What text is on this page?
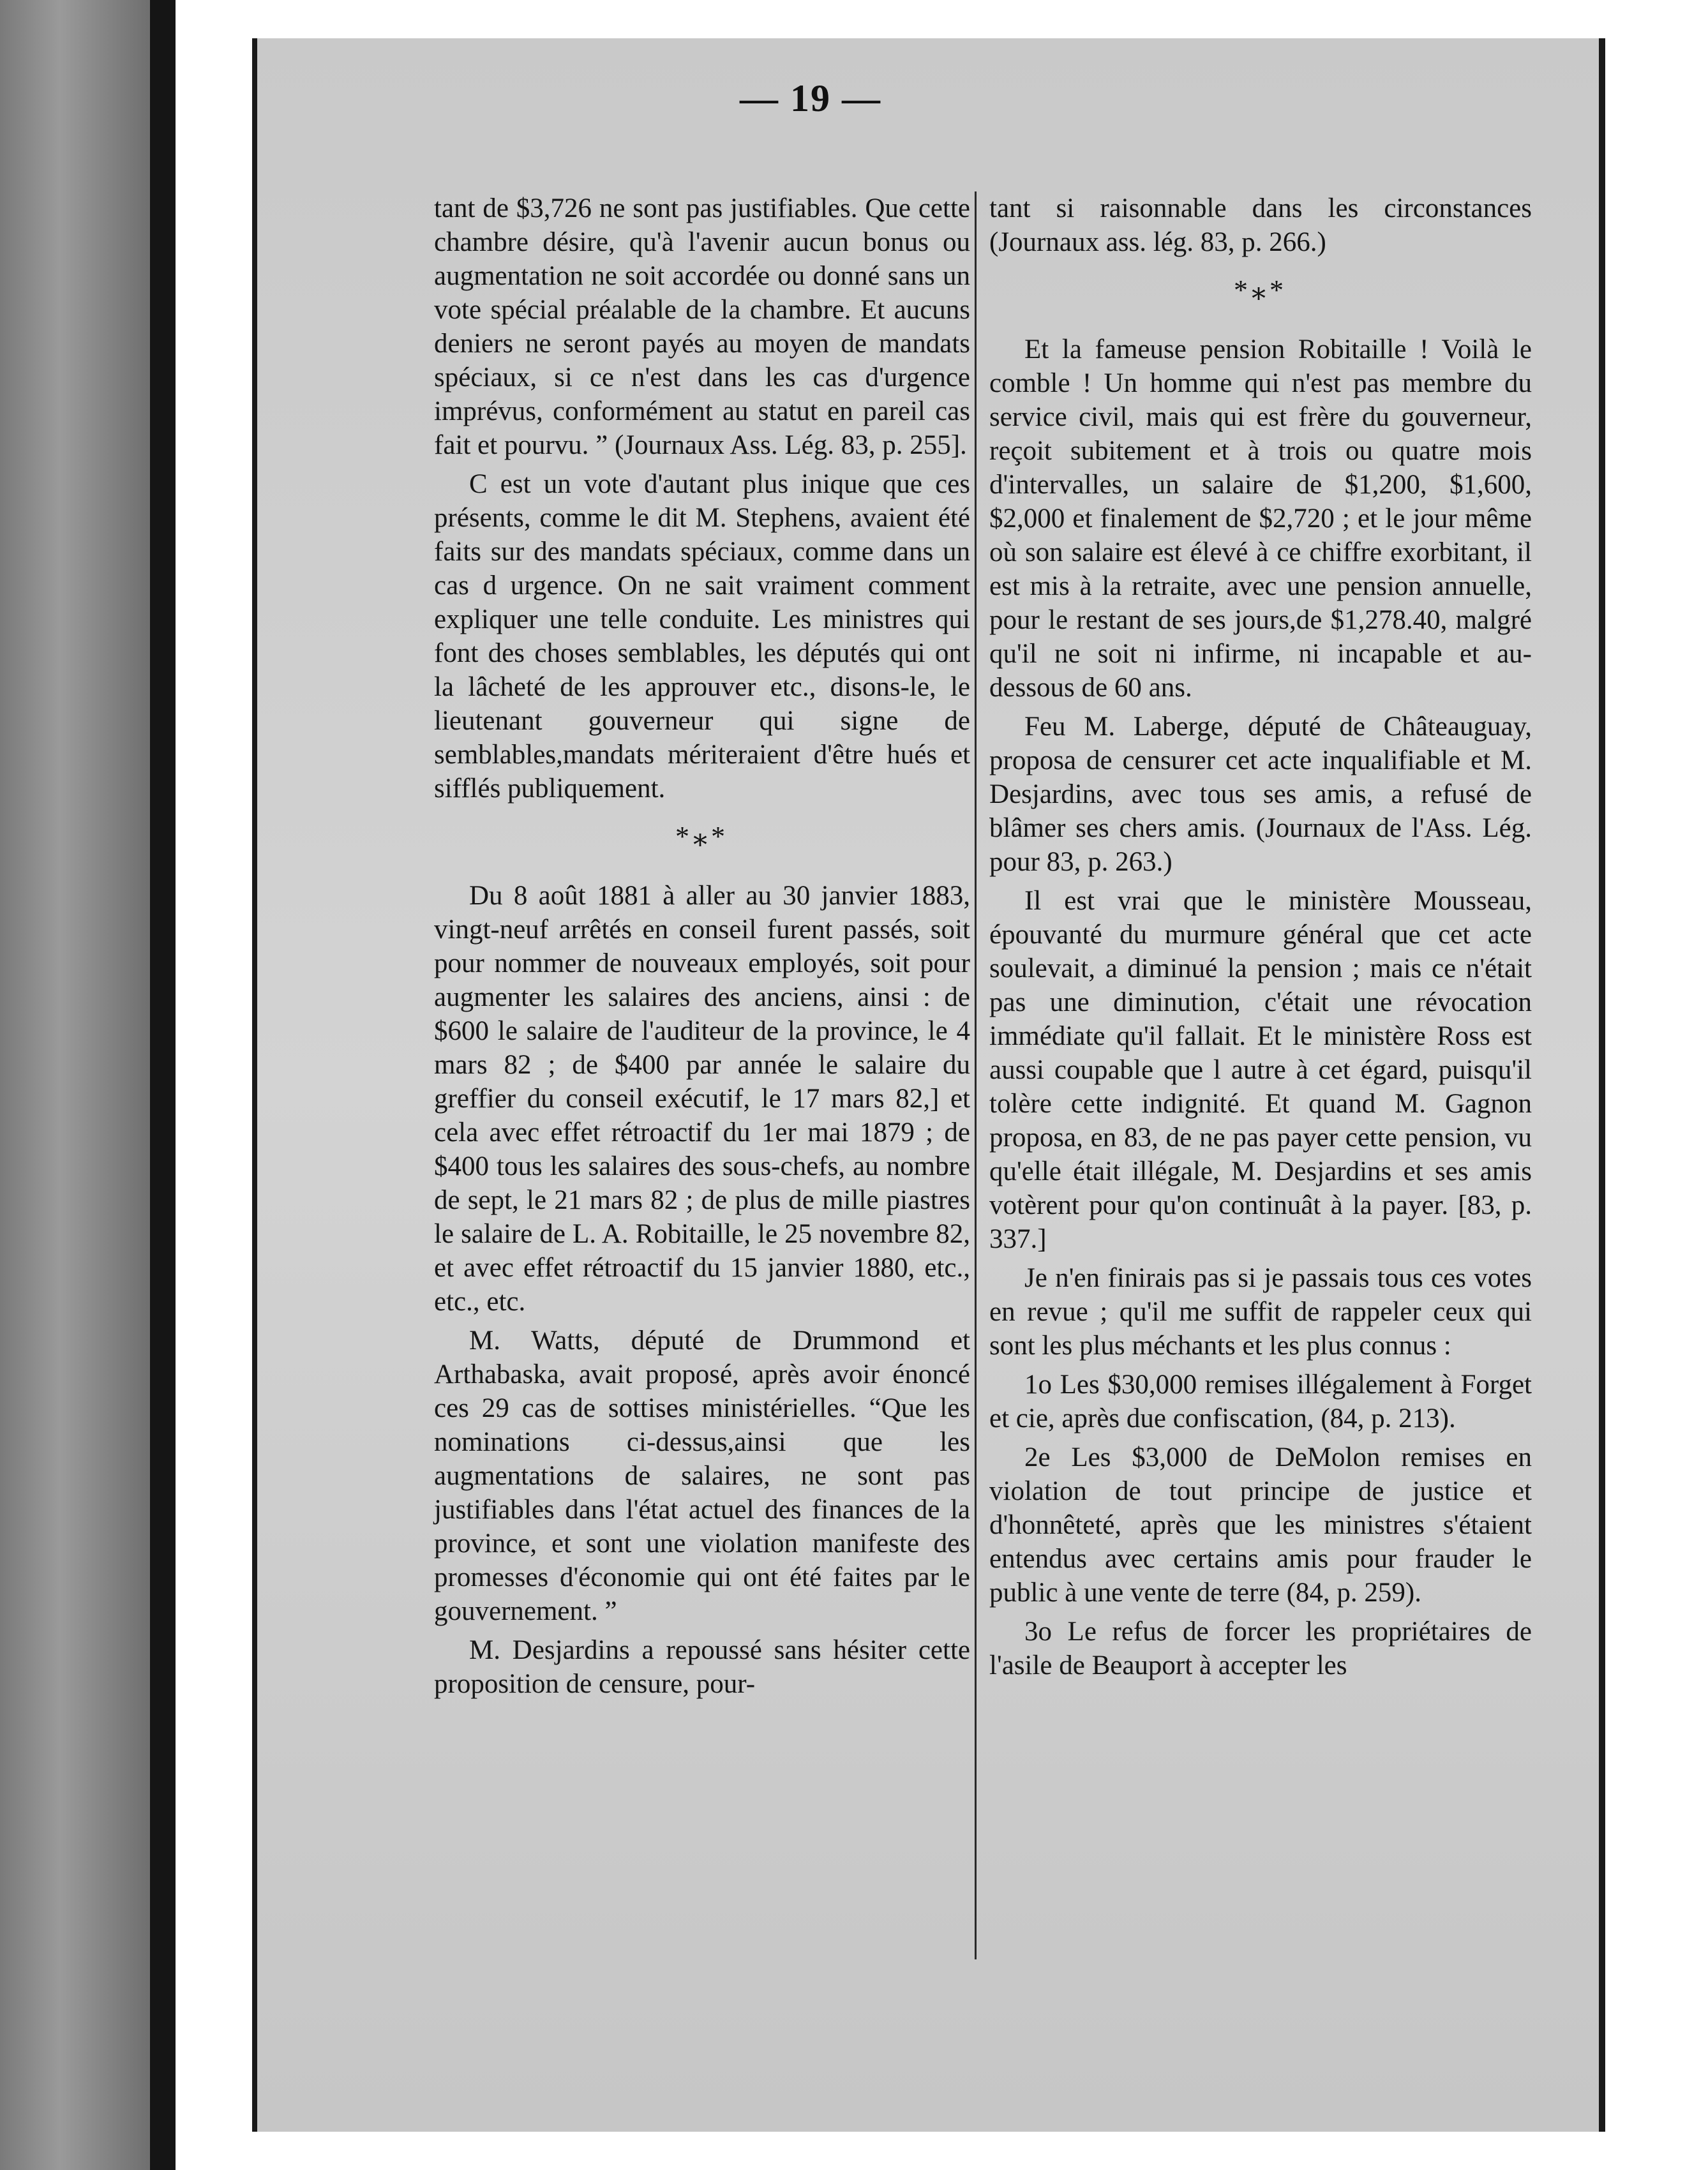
— 19 —

tant de $3,726 ne sont pas justifiables. Que cette chambre désire, qu'à l'avenir aucun bonus ou augmentation ne soit accordée ou donné sans un vote spécial préalable de la chambre. Et aucuns deniers ne seront payés au moyen de mandats spéciaux, si ce n'est dans les cas d'urgence imprévus, conformément au statut en pareil cas fait et pourvu. ” (Journaux Ass. Lég. 83, p. 255].

C est un vote d'autant plus inique que ces présents, comme le dit M. Stephens, avaient été faits sur des mandats spéciaux, comme dans un cas d urgence. On ne sait vraiment comment expliquer une telle conduite. Les ministres qui font des choses semblables, les députés qui ont la lâcheté de les approuver etc., disons-le, le lieutenant gouverneur qui signe de semblables,mandats mériteraient d'être hués et sifflés publiquement.

*⁎*

Du 8 août 1881 à aller au 30 janvier 1883, vingt-neuf arrêtés en conseil furent passés, soit pour nommer de nouveaux employés, soit pour augmenter les salaires des anciens, ainsi : de $600 le salaire de l'auditeur de la province, le 4 mars 82 ; de $400 par année le salaire du greffier du conseil exécutif, le 17 mars 82,] et cela avec effet rétroactif du 1er mai 1879 ; de $400 tous les salaires des sous-chefs, au nombre de sept, le 21 mars 82 ; de plus de mille piastres le salaire de L. A. Robitaille, le 25 novembre 82, et avec effet rétroactif du 15 janvier 1880, etc., etc., etc.

M. Watts, député de Drummond et Arthabaska, avait proposé, après avoir énoncé ces 29 cas de sottises ministérielles. “Que les nominations ci-dessus,ainsi que les augmentations de salaires, ne sont pas justifiables dans l'état actuel des finances de la province, et sont une violation manifeste des promesses d'économie qui ont été faites par le gouvernement. ”

M. Desjardins a repoussé sans hésiter cette proposition de censure, pour-

tant si raisonnable dans les circonstances (Journaux ass. lég. 83, p. 266.)

*⁎*

Et la fameuse pension Robitaille ! Voilà le comble ! Un homme qui n'est pas membre du service civil, mais qui est frère du gouverneur, reçoit subitement et à trois ou quatre mois d'intervalles, un salaire de $1,200, $1,600, $2,000 et finalement de $2,720 ; et le jour même où son salaire est élevé à ce chiffre exorbitant, il est mis à la retraite, avec une pension annuelle, pour le restant de ses jours,de $1,278.40, malgré qu'il ne soit ni infirme, ni incapable et au-dessous de 60 ans.

Feu M. Laberge, député de Châteauguay, proposa de censurer cet acte inqualifiable et M. Desjardins, avec tous ses amis, a refusé de blâmer ses chers amis. (Journaux de l'Ass. Lég. pour 83, p. 263.)

Il est vrai que le ministère Mousseau, épouvanté du murmure général que cet acte soulevait, a diminué la pension ; mais ce n'était pas une diminution, c'était une révocation immédiate qu'il fallait. Et le ministère Ross est aussi coupable que l autre à cet égard, puisqu'il tolère cette indignité. Et quand M. Gagnon proposa, en 83, de ne pas payer cette pension, vu qu'elle était illégale, M. Desjardins et ses amis votèrent pour qu'on continuât à la payer. [83, p. 337.]

Je n'en finirais pas si je passais tous ces votes en revue ; qu'il me suffit de rappeler ceux qui sont les plus méchants et les plus connus :

1o Les $30,000 remises illégalement à Forget et cie, après due confiscation, (84, p. 213).

2e Les $3,000 de DeMolon remises en violation de tout principe de justice et d'honnêteté, après que les ministres s'étaient entendus avec certains amis pour frauder le public à une vente de terre (84, p. 259).

3o Le refus de forcer les propriétaires de l'asile de Beauport à accepter les
